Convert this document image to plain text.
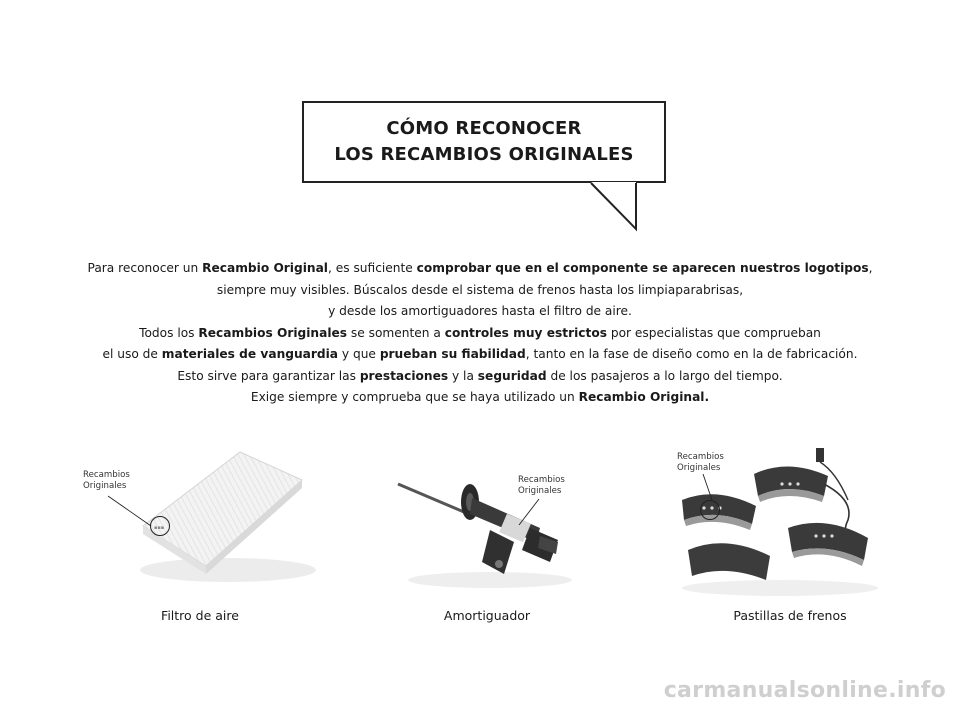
CÓMO RECONOCER
LOS RECAMBIOS ORIGINALES

Para reconocer un Recambio Original, es suficiente comprobar que en el componente se aparecen nuestros logotipos,

siempre muy visibles. Búscalos desde el sistema de frenos hasta los limpiaparabrisas,

y desde los amortiguadores hasta el filtro de aire.

Todos los Recambios Originales se somenten a controles muy estrictos por especialistas que comprueban

el uso de materiales de vanguardia y que prueban su fiabilidad, tanto en la fase de diseño como en la de fabricación.

Esto sirve para garantizar las prestaciones y la seguridad de los pasajeros a lo largo del tiempo.

Exige siempre y comprueba que se haya utilizado un Recambio Original.

▪▪▪
Recambios
Originales
Filtro de aire
Recambios
Originales
Amortiguador
Recambios
Originales
Pastillas de frenos
carmanualsonline.info
